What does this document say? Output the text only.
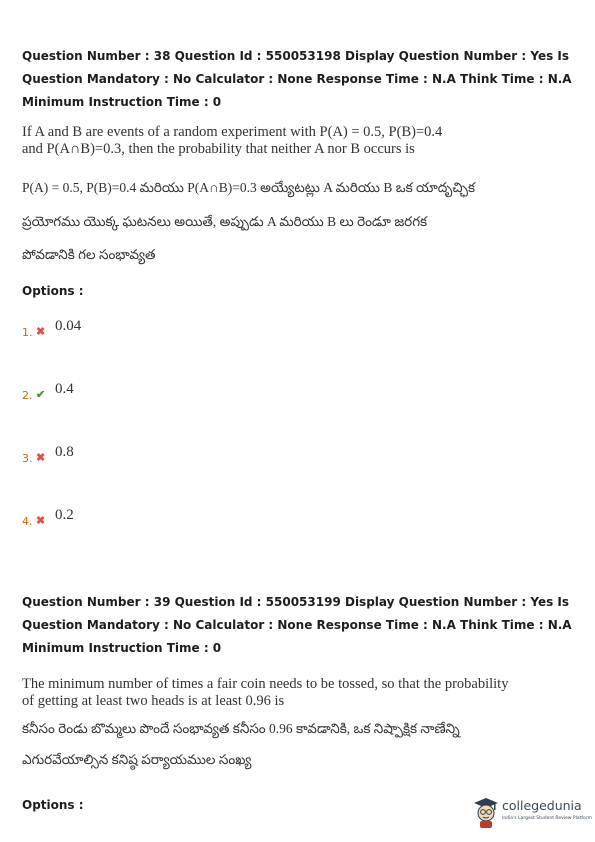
Question Number : 38 Question Id : 550053198 Display Question Number : Yes Is Question Mandatory : No Calculator : None Response Time : N.A Think Time : N.A Minimum Instruction Time : 0
If A and B are events of a random experiment with P(A) = 0.5, P(B)=0.4 and P(A∩B)=0.3, then the probability that neither A nor B occurs is
P(A) = 0.5, P(B)=0.4 మరియు P(A∩B)=0.3 అయ్యేటట్లు A మరియు B ఒక యాదృచ్ఛిక
ప్రయోగము యొక్క ఘటనలు అయితే, అప్పుడు A మరియు B లు రెండూ జరగక
పోవడానికి గల సంభావ్యత
Options :
1. ✖ 0.04
2. ✔ 0.4
3. ✖ 0.8
4. ✖ 0.2
Question Number : 39 Question Id : 550053199 Display Question Number : Yes Is Question Mandatory : No Calculator : None Response Time : N.A Think Time : N.A Minimum Instruction Time : 0
The minimum number of times a fair coin needs to be tossed, so that the probability
of getting at least two heads is at least 0.96 is
కనీసం రెండు బొమ్మలు పొందే సంభావ్యత కనీసం 0.96 కావడానికి, ఒక నిష్పాక్షిక నాణేన్ని
ఎగురవేయాల్సిన కనిష్ఠ పర్యాయముల సంఖ్య
Options :	collegedunia
India's Largest Student Review Platform
